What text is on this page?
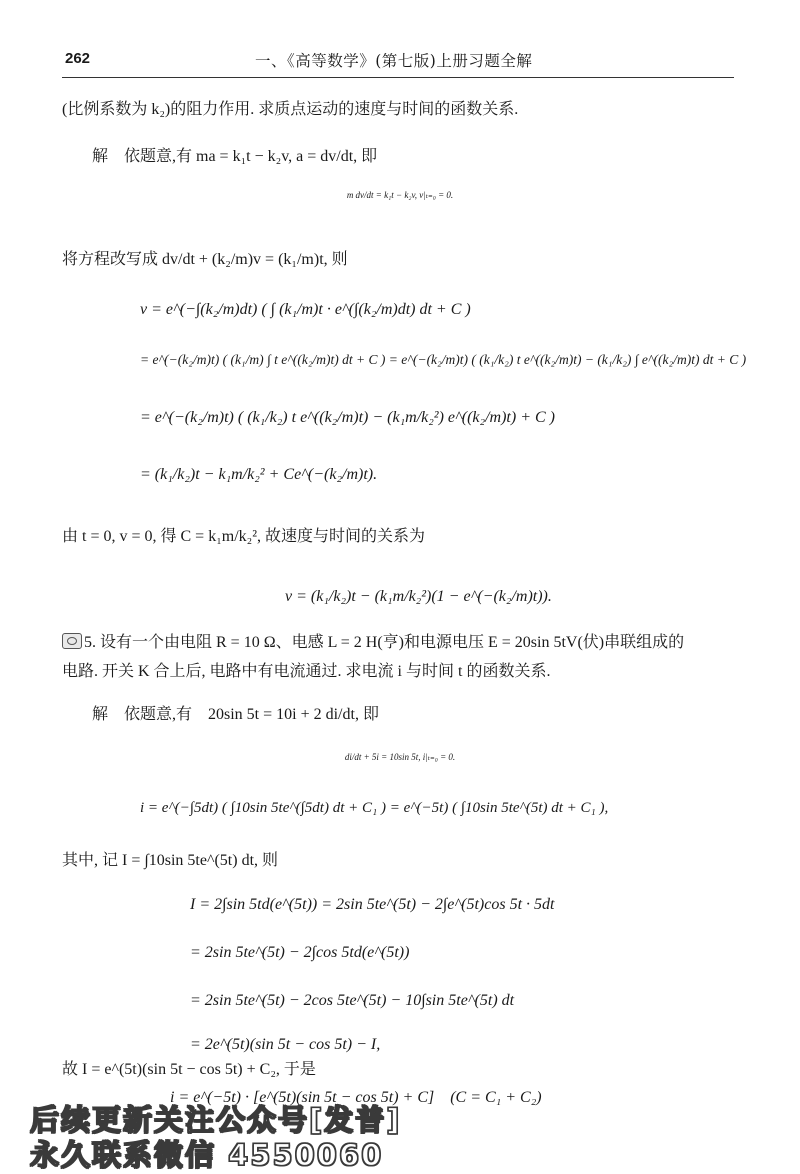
262	一、《高等数学》(第七版)上册习题全解
(比例系数为 k₂)的阻力作用. 求质点运动的速度与时间的函数关系.
解　依题意,有 ma = k₁t − k₂v, a = dv/dt, 即
m dv/dt = k₁t − k₂v, v|ₜ₌₀ = 0.
将方程改写成 dv/dt + (k₂/m)v = (k₁/m)t, 则
v = e^(−∫(k₂/m)dt) ( ∫ (k₁/m)t · e^(∫(k₂/m)dt) dt + C )
= e^(−(k₂/m)t) ( (k₁/m) ∫ t e^((k₂/m)t) dt + C ) = e^(−(k₂/m)t) ( (k₁/k₂) t e^((k₂/m)t) − (k₁/k₂) ∫ e^((k₂/m)t) dt + C )
= e^(−(k₂/m)t) ( (k₁/k₂) t e^((k₂/m)t) − (k₁m/k₂²) e^((k₂/m)t) + C )
= (k₁/k₂)t − k₁m/k₂² + Ce^(−(k₂/m)t).
由 t = 0, v = 0, 得 C = k₁m/k₂², 故速度与时间的关系为
v = (k₁/k₂)t − (k₁m/k₂²)(1 − e^(−(k₂/m)t)).
5. 设有一个由电阻 R = 10 Ω、电感 L = 2 H(亨)和电源电压 E = 20sin 5tV(伏)串联组成的
电路. 开关 K 合上后, 电路中有电流通过. 求电流 i 与时间 t 的函数关系.
解　依题意,有　20sin 5t = 10i + 2 di/dt, 即
di/dt + 5i = 10sin 5t, i|ₜ₌₀ = 0.
i = e^(−∫5dt) ( ∫10sin 5te^(∫5dt) dt + C₁ ) = e^(−5t) ( ∫10sin 5te^(5t) dt + C₁ ),
其中, 记 I = ∫10sin 5te^(5t) dt, 则
I = 2∫sin 5td(e^(5t)) = 2sin 5te^(5t) − 2∫e^(5t)cos 5t · 5dt
= 2sin 5te^(5t) − 2∫cos 5td(e^(5t))
= 2sin 5te^(5t) − 2cos 5te^(5t) − 10∫sin 5te^(5t) dt
= 2e^(5t)(sin 5t − cos 5t) − I,
故 I = e^(5t)(sin 5t − cos 5t) + C₂, 于是
i = e^(−5t) · [e^(5t)(sin 5t − cos 5t) + C]　(C = C₁ + C₂)
后续更新关注公众号[发普]
永久联系微信 4550060
